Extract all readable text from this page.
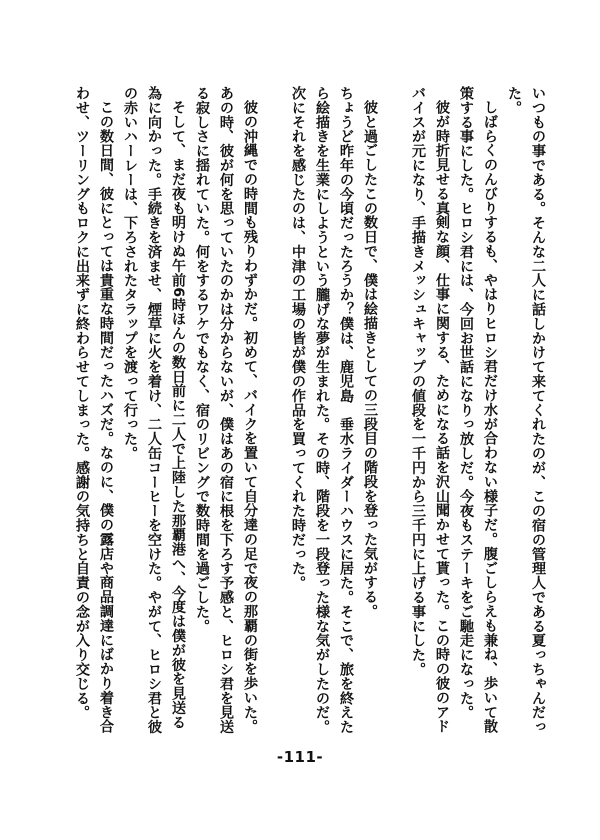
いつもの事である。そんな二人に話しかけて来てくれたのが、この宿の管理人である夏っちゃんだった。

しばらくのんびりするも、やはりヒロシ君だけ水が合わない様子だ。腹ごしらえも兼ね、歩いて散策する事にした。ヒロシ君には、今回お世話になりっ放しだ。今夜もステーキをご馳走になった。

彼が時折見せる真剣な顔、仕事に関する、ためになる話を沢山聞かせて貰った。この時の彼のアドバイスが元になり、手描きメッシュキャップの値段を一千円から三千円に上げる事にした。

彼と過ごしたこの数日で、僕は絵描きとしての三段目の階段を登った気がする。

ちょうど昨年の今頃だったろうか？僕は、鹿児島　垂水ライダーハウスに居た。そこで、旅を終えたら絵描きを生業にしようという朧げな夢が生まれた。その時、階段を一段登った様な気がしたのだ。次にそれを感じたのは、中津の工場の皆が僕の作品を買ってくれた時だった。

彼の沖縄での時間も残りわずかだ。初めて、バイクを置いて自分達の足で夜の那覇の街を歩いた。あの時、彼が何を思っていたのかは分からないが、僕はあの宿に根を下ろす予感と、ヒロシ君を見送る寂しさに揺れていた。何をするワケでもなく、宿のリビングで数時間を過ごした。

そして、まだ夜も明けぬ午前6時ほんの数日前に二人で上陸した那覇港へ、今度は僕が彼を見送る為に向かった。手続きを済ませ、煙草に火を着け、二人缶コーヒーを空けた。やがて、ヒロシ君と彼の赤いハーレーは、下ろされたタラップを渡って行った。

この数日間、彼にとっては貴重な時間だったハズだ。なのに、僕の露店や商品調達にばかり着き合わせ、ツーリングもロクに出来ずに終わらせてしまった。感謝の気持ちと自責の念が入り交じる。

-111-
